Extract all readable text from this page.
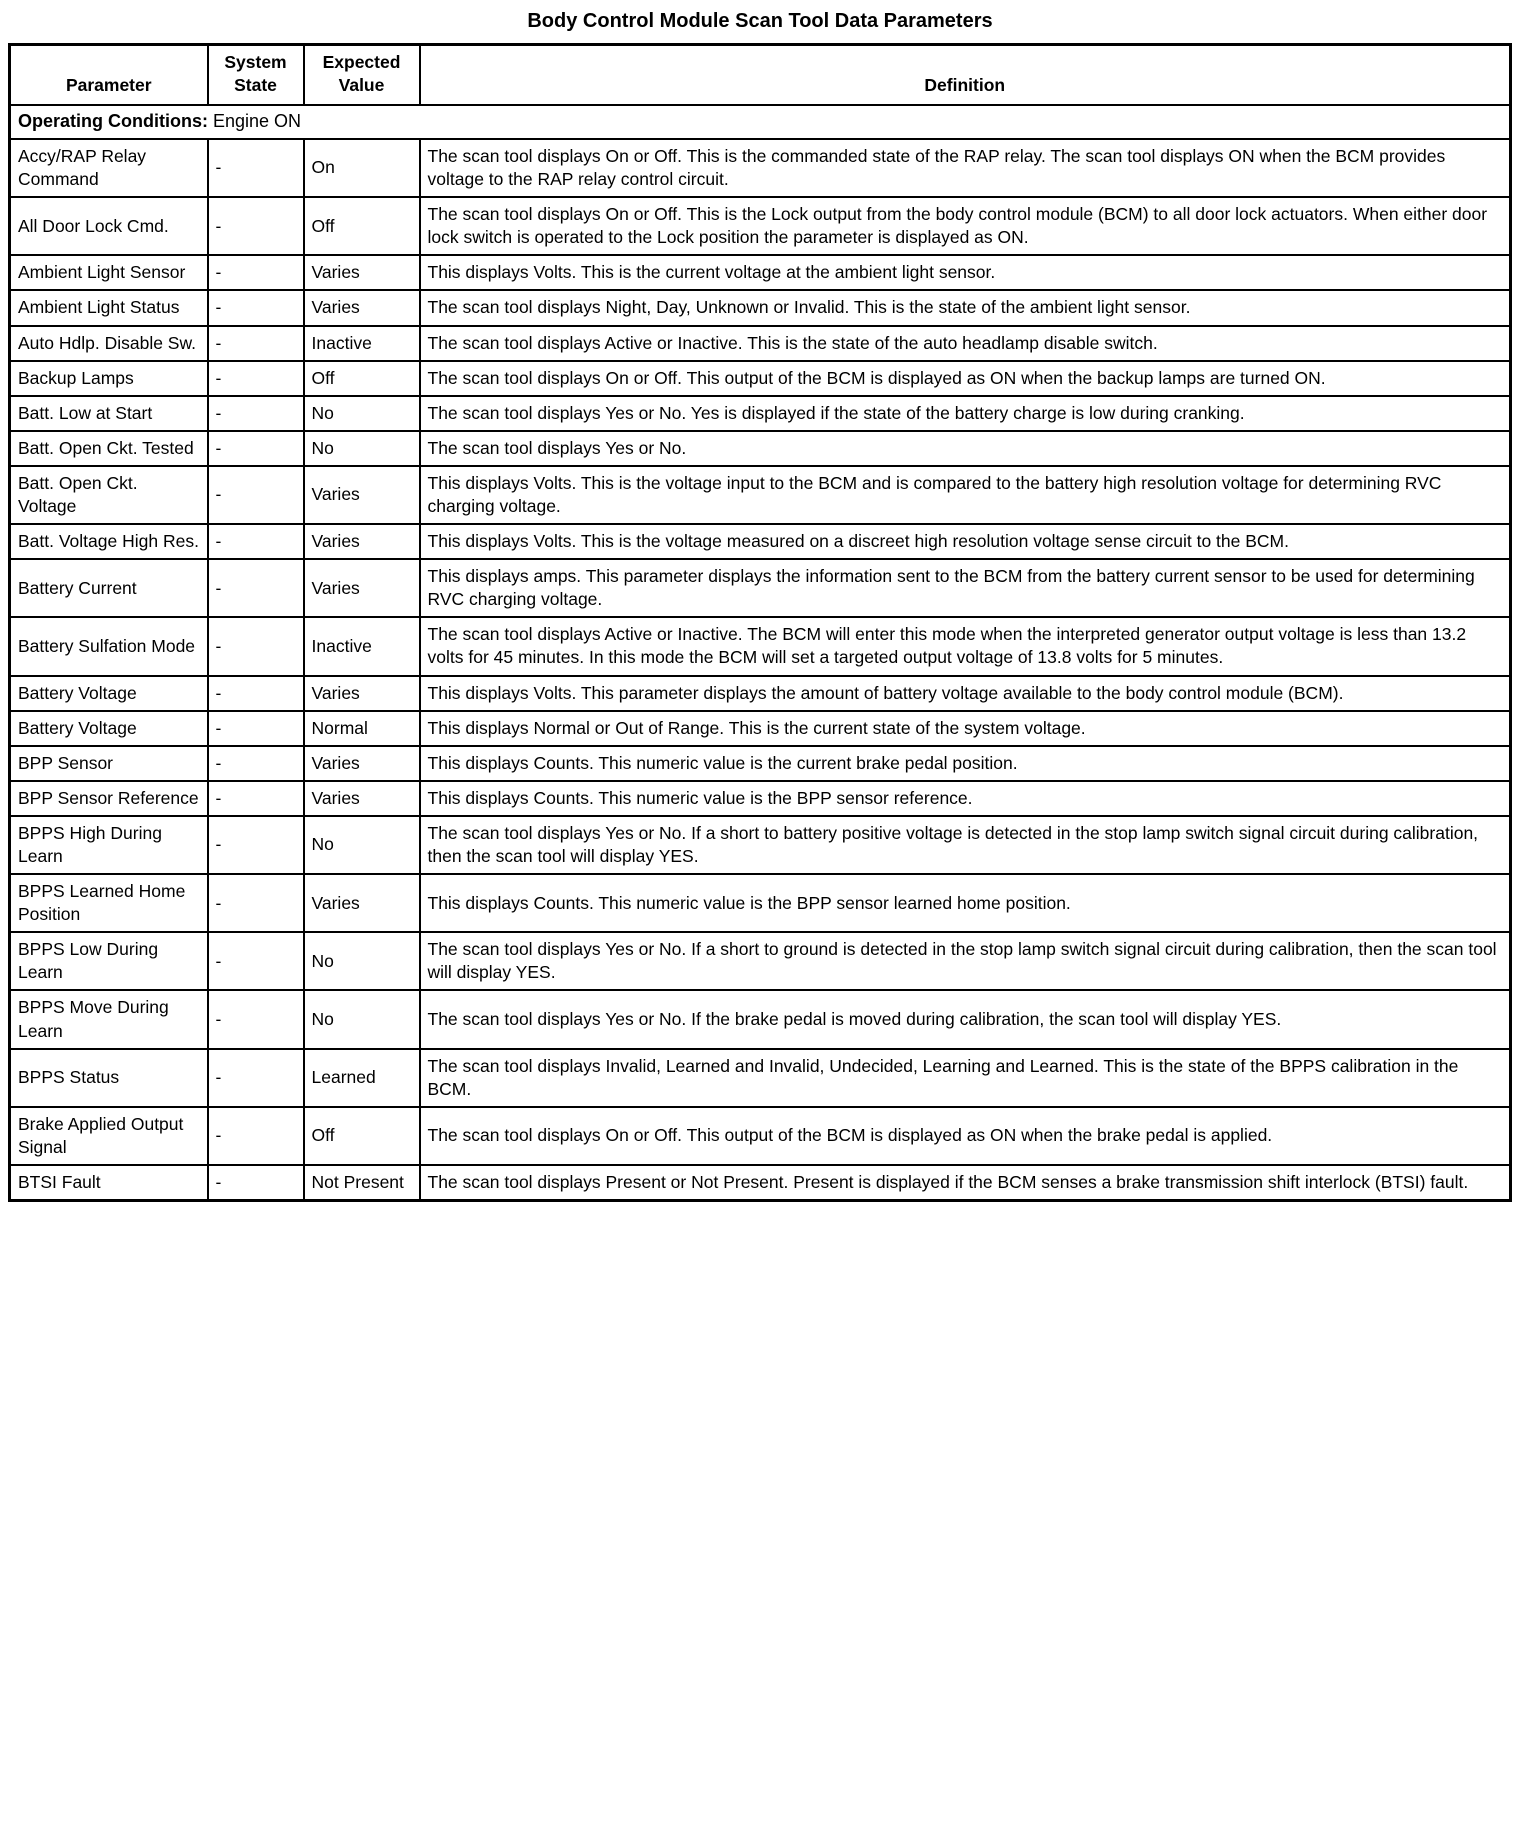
Body Control Module Scan Tool Data Parameters
Parameter	System State	Expected Value	Definition
Operating Conditions: Engine ON			
Accy/RAP Relay Command	-	On	The scan tool displays On or Off. This is the commanded state of the RAP relay. The scan tool displays ON when the BCM provides voltage to the RAP relay control circuit.
All Door Lock Cmd.	-	Off	The scan tool displays On or Off. This is the Lock output from the body control module (BCM) to all door lock actuators. When either door lock switch is operated to the Lock position the parameter is displayed as ON.
Ambient Light Sensor	-	Varies	This displays Volts. This is the current voltage at the ambient light sensor.
Ambient Light Status	-	Varies	The scan tool displays Night, Day, Unknown or Invalid. This is the state of the ambient light sensor.
Auto Hdlp. Disable Sw.	-	Inactive	The scan tool displays Active or Inactive. This is the state of the auto headlamp disable switch.
Backup Lamps	-	Off	The scan tool displays On or Off. This output of the BCM is displayed as ON when the backup lamps are turned ON.
Batt. Low at Start	-	No	The scan tool displays Yes or No. Yes is displayed if the state of the battery charge is low during cranking.
Batt. Open Ckt. Tested	-	No	The scan tool displays Yes or No.
Batt. Open Ckt. Voltage	-	Varies	This displays Volts. This is the voltage input to the BCM and is compared to the battery high resolution voltage for determining RVC charging voltage.
Batt. Voltage High Res.	-	Varies	This displays Volts. This is the voltage measured on a discreet high resolution voltage sense circuit to the BCM.
Battery Current	-	Varies	This displays amps. This parameter displays the information sent to the BCM from the battery current sensor to be used for determining RVC charging voltage.
Battery Sulfation Mode	-	Inactive	The scan tool displays Active or Inactive. The BCM will enter this mode when the interpreted generator output voltage is less than 13.2 volts for 45 minutes. In this mode the BCM will set a targeted output voltage of 13.8 volts for 5 minutes.
Battery Voltage	-	Varies	This displays Volts. This parameter displays the amount of battery voltage available to the body control module (BCM).
Battery Voltage	-	Normal	This displays Normal or Out of Range. This is the current state of the system voltage.
BPP Sensor	-	Varies	This displays Counts. This numeric value is the current brake pedal position.
BPP Sensor Reference	-	Varies	This displays Counts. This numeric value is the BPP sensor reference.
BPPS High During Learn	-	No	The scan tool displays Yes or No. If a short to battery positive voltage is detected in the stop lamp switch signal circuit during calibration, then the scan tool will display YES.
BPPS Learned Home Position	-	Varies	This displays Counts. This numeric value is the BPP sensor learned home position.
BPPS Low During Learn	-	No	The scan tool displays Yes or No. If a short to ground is detected in the stop lamp switch signal circuit during calibration, then the scan tool will display YES.
BPPS Move During Learn	-	No	The scan tool displays Yes or No. If the brake pedal is moved during calibration, the scan tool will display YES.
BPPS Status	-	Learned	The scan tool displays Invalid, Learned and Invalid, Undecided, Learning and Learned. This is the state of the BPPS calibration in the BCM.
Brake Applied Output Signal	-	Off	The scan tool displays On or Off. This output of the BCM is displayed as ON when the brake pedal is applied.
BTSI Fault	-	Not Present	The scan tool displays Present or Not Present. Present is displayed if the BCM senses a brake transmission shift interlock (BTSI) fault.
